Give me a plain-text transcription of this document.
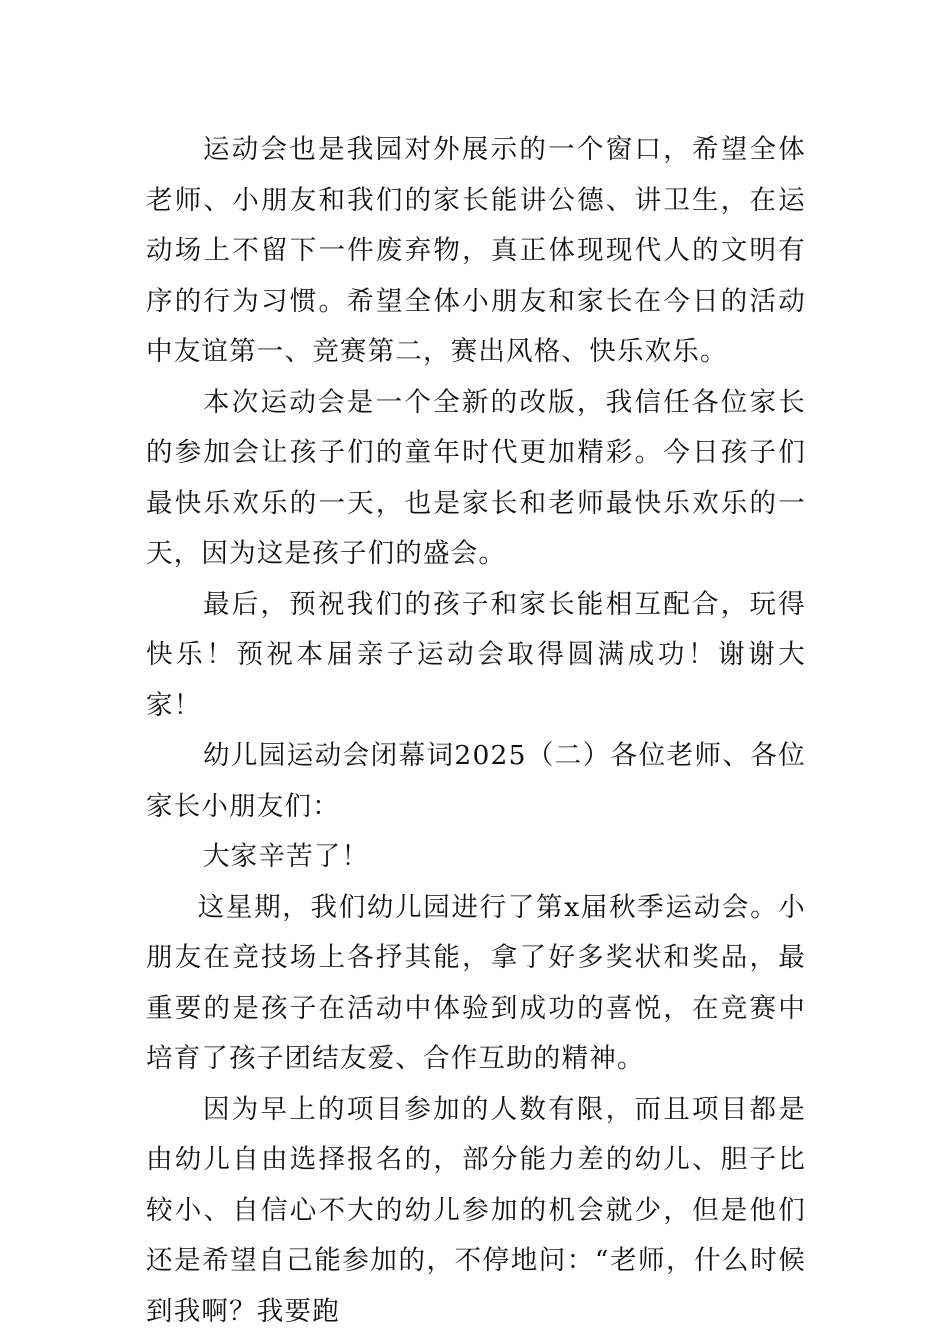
运动会也是我园对外展示的一个窗口，希望全体老师、小朋友和我们的家长能讲公德、讲卫生，在运动场上不留下一件废弃物，真正体现现代人的文明有序的行为习惯。希望全体小朋友和家长在今日的活动中友谊第一、竞赛第二，赛出风格、快乐欢乐。

本次运动会是一个全新的改版，我信任各位家长的参加会让孩子们的童年时代更加精彩。今日孩子们最快乐欢乐的一天，也是家长和老师最快乐欢乐的一天，因为这是孩子们的盛会。

最后，预祝我们的孩子和家长能相互配合，玩得快乐！预祝本届亲子运动会取得圆满成功！谢谢大家！

幼儿园运动会闭幕词2025（二）各位老师、各位家长小朋友们：

大家辛苦了！

这星期，我们幼儿园进行了第x届秋季运动会。小朋友在竞技场上各抒其能，拿了好多奖状和奖品，最重要的是孩子在活动中体验到成功的喜悦，在竞赛中培育了孩子团结友爱、合作互助的精神。

因为早上的项目参加的人数有限，而且项目都是由幼儿自由选择报名的，部分能力差的幼儿、胆子比较小、自信心不大的幼儿参加的机会就少，但是他们还是希望自己能参加的，不停地问：“老师，什么时候到我啊？我要跑
